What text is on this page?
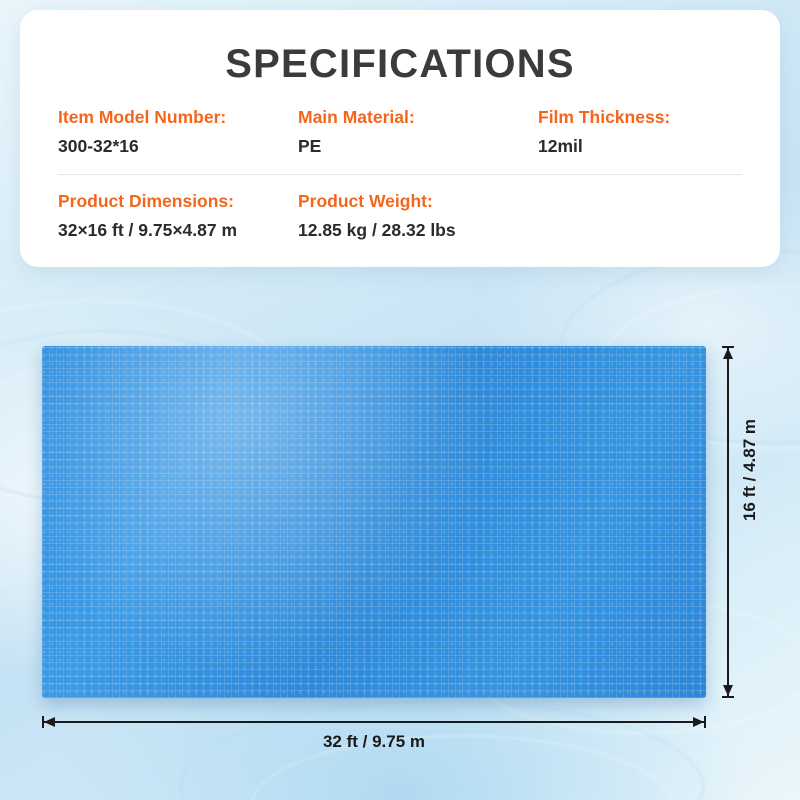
SPECIFICATIONS
Item Model Number:
300-32*16
Main Material:
PE
Film Thickness:
12mil
Product Dimensions:
32×16 ft / 9.75×4.87 m
Product Weight:
12.85 kg / 28.32 lbs
32 ft / 9.75 m
16 ft / 4.87 m
